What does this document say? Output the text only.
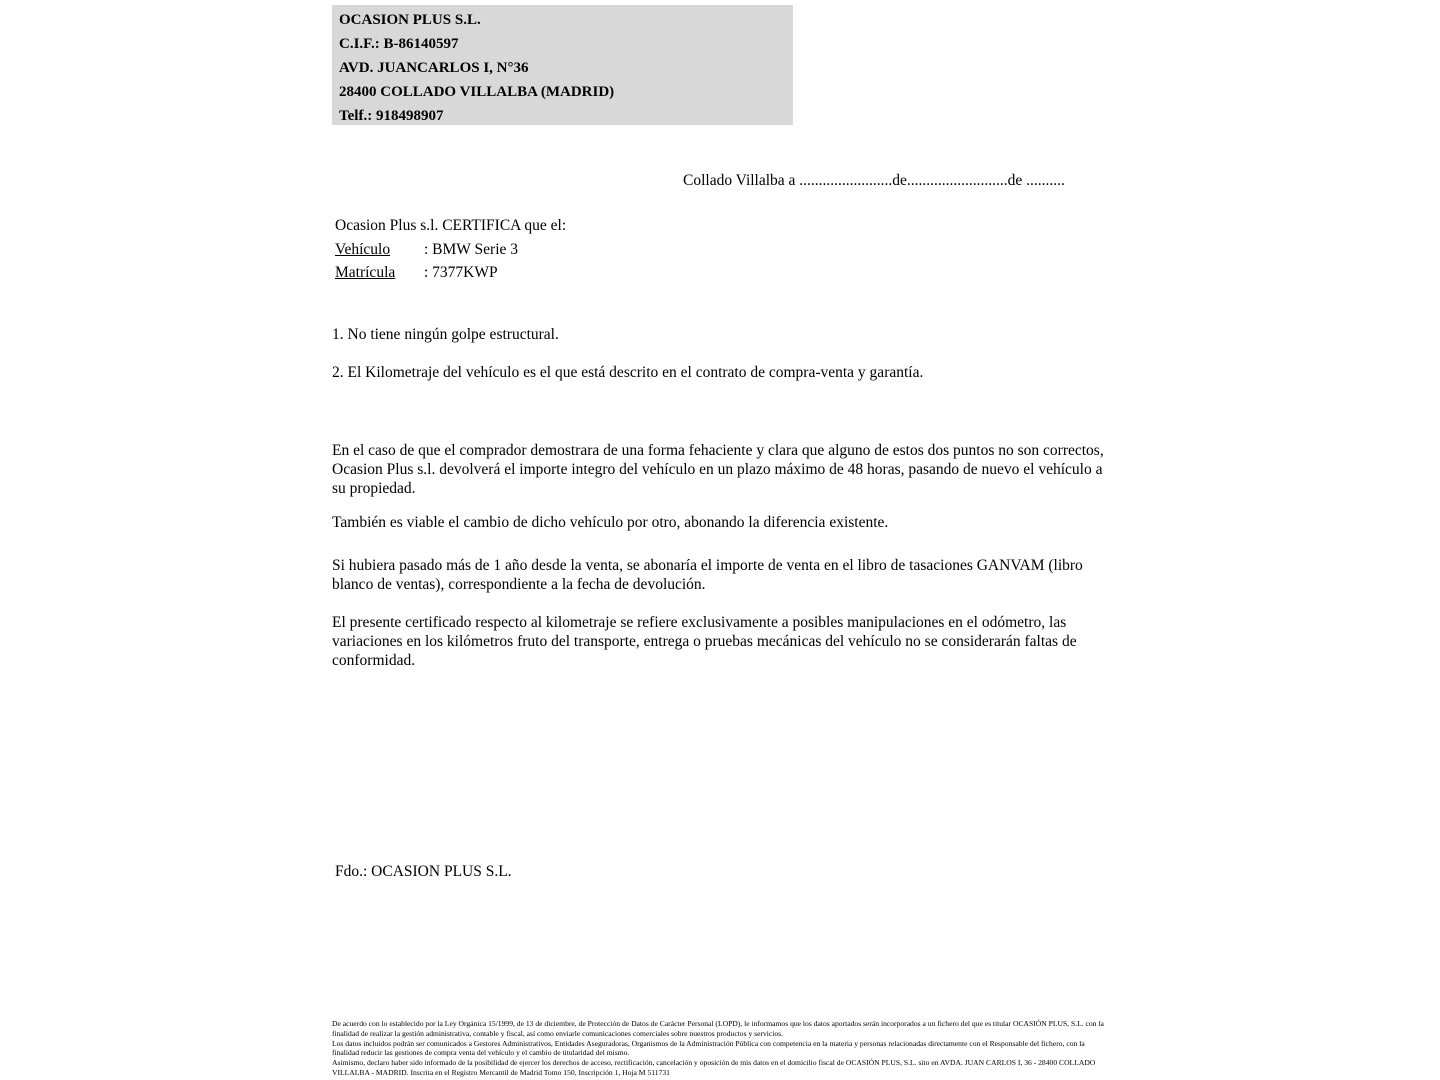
OCASION PLUS S.L.
C.I.F.: B-86140597
AVD. JUANCARLOS I, N°36
28400 COLLADO VILLALBA (MADRID)
Telf.: 918498907
Collado Villalba a ........................de..........................de ..........
Ocasion Plus s.l. CERTIFICA que el:
Vehículo : BMW Serie 3
Matrícula : 7377KWP
1. No tiene ningún golpe estructural.
2. El Kilometraje del vehículo es el que está descrito en el contrato de compra-venta y garantía.
En el caso de que el comprador demostrara de una forma fehaciente y clara que alguno de estos dos puntos no son correctos, Ocasion Plus s.l. devolverá el importe integro del vehículo en un plazo máximo de 48 horas, pasando de nuevo el vehículo a su propiedad.
También es viable el cambio de dicho vehículo por otro, abonando la diferencia existente.
Si hubiera pasado más de 1 año desde la venta, se abonaría el importe de venta en el libro de tasaciones GANVAM (libro blanco de ventas), correspondiente a la fecha de devolución.
El presente certificado respecto al kilometraje se refiere exclusivamente a posibles manipulaciones en el odómetro, las variaciones en los kilómetros fruto del transporte, entrega o pruebas mecánicas del vehículo no se considerarán faltas de conformidad.
Fdo.: OCASION PLUS S.L.

De acuerdo con lo establecido por la Ley Orgánica 15/1999, de 13 de diciembre, de Protección de Datos de Carácter Personal (LOPD), le informamos que los datos aportados serán incorporados a un fichero del que es titular OCASIÓN PLUS, S.L. con la finalidad de realizar la gestión administrativa, contable y fiscal, así como enviarle comunicaciones comerciales sobre nuestros productos y servicios.

Los datos incluidos podrán ser comunicados a Gestores Administrativos, Entidades Aseguradoras, Organismos de la Administración Pública con competencia en la materia y personas relacionadas directamente con el Responsable del fichero, con la finalidad reducir las gestiones de compra venta del vehículo y el cambio de titularidad del mismo.

Asimismo, declaro haber sido informado de la posibilidad de ejercer los derechos de acceso, rectificación, cancelación y oposición de mis datos en el domicilio fiscal de OCASIÓN PLUS, S.L. sito en AVDA. JUAN CARLOS I, 36 - 28400 COLLADO VILLALBA - MADRID. Inscrita en el Registro Mercantil de Madrid Tomo 150, Inscripción 1, Hoja M 511731
